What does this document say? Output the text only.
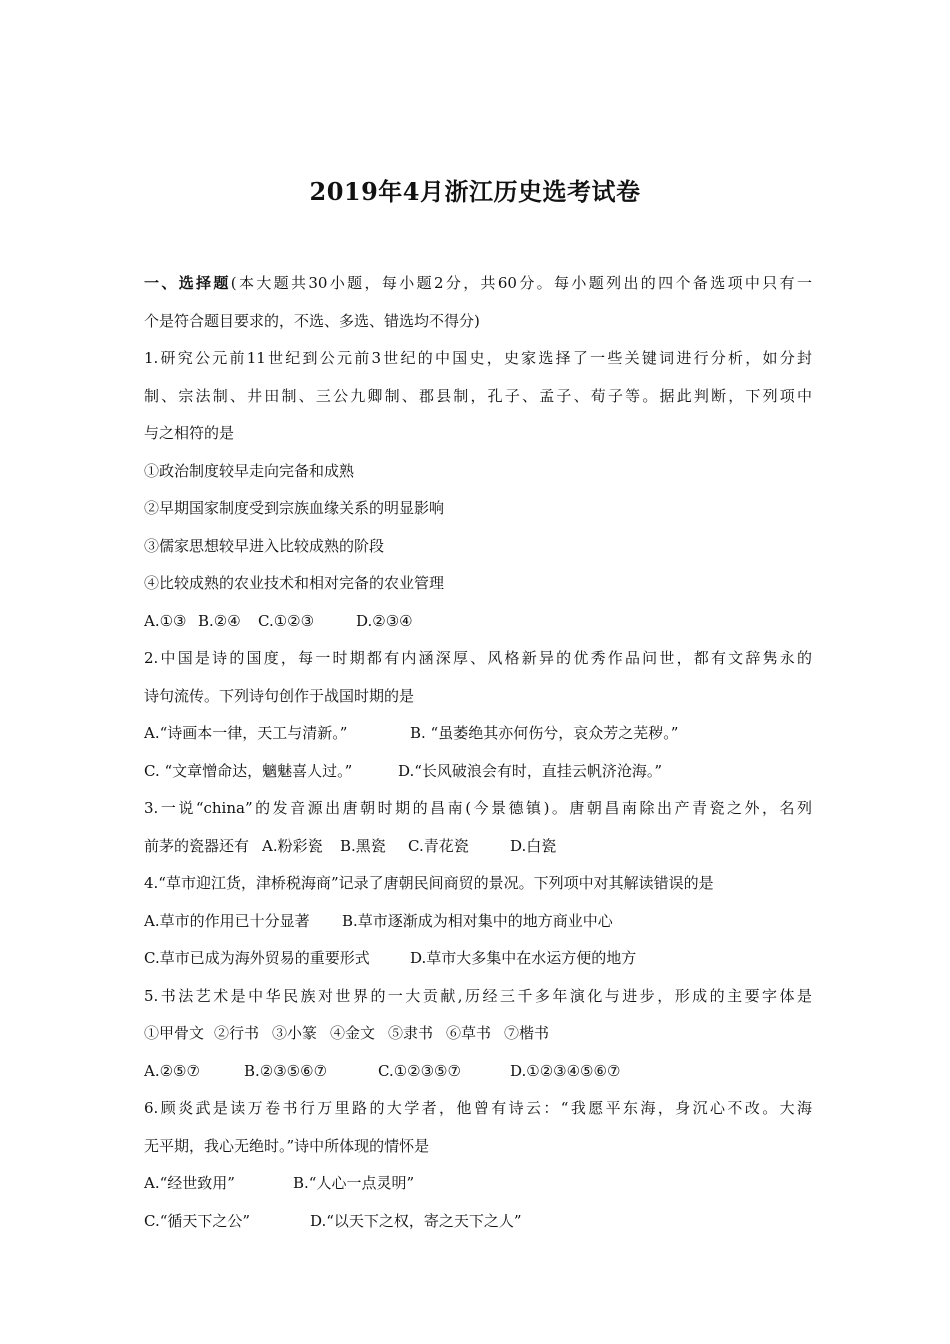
2019年4月浙江历史选考试卷
一、选择题(本大题共30小题，每小题2分，共60分。每小题列出的四个备选项中只有一
个是符合题目要求的，不选、多选、错选均不得分)
1.研究公元前11世纪到公元前3世纪的中国史，史家选择了一些关键词进行分析，如分封
制、宗法制、井田制、三公九卿制、郡县制，孔子、孟子、荀子等。据此判断，下列项中
与之相符的是
①政治制度较早走向完备和成熟
②早期国家制度受到宗族血缘关系的明显影响
③儒家思想较早进入比较成熟的阶段
④比较成熟的农业技术和相对完备的农业管理
A.①③ B.②④ C.①②③	D.②③④
2.中国是诗的国度，每一时期都有内涵深厚、风格新异的优秀作品问世，都有文辞隽永的
诗句流传。下列诗句创作于战国时期的是
A.“诗画本一律，天工与清新。”	B. “虽萎绝其亦何伤兮，哀众芳之芜秽。”
C. “文章憎命达，魑魅喜人过。”	D.“长风破浪会有时，直挂云帆济沧海。”
3.一说“china”的发音源出唐朝时期的昌南(今景德镇)。唐朝昌南除出产青瓷之外，名列
前茅的瓷器还有 A.粉彩瓷 B.黑瓷 C.青花瓷	D.白瓷
4.“草市迎江货，津桥税海商”记录了唐朝民间商贸的景况。下列项中对其解读错误的是
A.草市的作用已十分显著 B.草市逐渐成为相对集中的地方商业中心
C.草市已成为海外贸易的重要形式	D.草市大多集中在水运方便的地方
5.书法艺术是中华民族对世界的一大贡献,历经三千多年演化与进步，形成的主要字体是
①甲骨文 ②行书 ③小篆 ④金文 ⑤隶书 ⑥草书 ⑦楷书
A.②⑤⑦	B.②③⑤⑥⑦	C.①②③⑤⑦	D.①②③④⑤⑥⑦
6.顾炎武是读万卷书行万里路的大学者，他曾有诗云：“我愿平东海，身沉心不改。大海
无平期，我心无绝时。”诗中所体现的情怀是
A.“经世致用”	B.“人心一点灵明”
C.“循天下之公”	D.“以天下之权，寄之天下之人”
